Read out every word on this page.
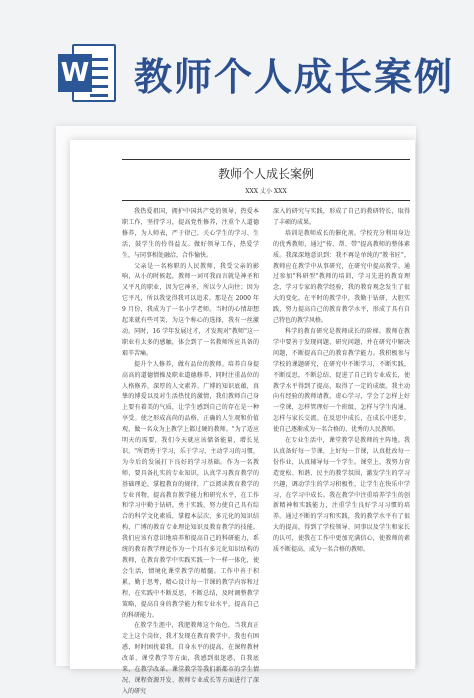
W 教师个人成长案例
教师个人成长案例
XXX 丈小 XXX

我热爱祖国，拥护中国共产党的领导，热爱本职工作，坚持学习，提高党性修养，注重个人道德修养，为人师表，严于律己，关心学生的学习、生活，鼓学生的伶得益友。做好领导工作，热爱学生，与同事相处融洽，合作愉快。

父亲是一名称职的人民教师，我受父亲的影响，从小的时候起，教师一词可我而言就是神圣和又平凡的职业，因为它神圣，所以令人向往；因为它平凡，所以我觉得我可以追求。那是在 2000 年 9 月份，我成为了一名小学老师。当时的心情却想起来就有些可笑，为这个称心的选择，我有一丝激动，同时，16 学年发展过才，才发现对"教师"这一职业有太多的感触，体会到了一名教师所应具备的艰辛苦痛。

提升个人修养，做有品位的教师。培养自身提高高的道德情操及职业道德修养，同时注重品位的人格修养，深厚的人文素养、广博的知识底蕴，真挚的博爱以及对生活热忱的激情，我们教师自己身上要有着美的气质，让学生感到自己的存在是一种享受。使之形成高尚的品格，正确的人生观和价值观，做一名众为上教学上都过硬的教师。"为了适应明天的需要，我们今天就应该储备能量，增长见识，"所谓勇于学习，乐于学习，主动学习的习惯，为今后的发展打下良好的学习基础。作为一名教师，要具备扎实的专业知识，认真学习教育教学的基础理论，掌握教育的规律，广泛阅读教育教学的专业刊物，提高教育教学能力和研究水平，在工作和学习中勤于钻研，勇于实践，努力使自己具有综合的科学文化素质，掌握本层次、多元化的知识结构，广博的教育专业理论知识及教育教学的技能。我们应该有意识地培养和提高自己的科研能力，系统的教育教学理论作为一个具有多元化知识结构的教师，在教育教学中实践实践一个一样一体化，使会生活，情境化课堂教学的精髓。工作中善于积累，勤于思考，精心设计每一节课的教学内容和过程，在实践中不断反思，不断总结，及时调整教学策略，提高自身的教学能力和专业水平，提高自己的科研能力。

在教学生涯中，我肥教师这个角色，当我真正走上这个岗位，我才发现在教育教学中，我也有困惑，时时困扰着我。自身水平的提高，在课程教材改革、课堂教学等方面，我感到很迷惑，自我底来，在教学改革、课堂教学等我们新都市的学生情况、课程资源开发、教师专业成长等方面进行了深入的研究

深入的研究与实践，形成了自己的教研特长，取得了丰硕的成果。

培训是教师成长的催化剂。学校充分利用身边的优秀教师，通过"传、帮、带"提高教师的整体素质。我深深地意识到：我不再是单纯的"教书匠"，教师应在教学中从事研究，在研究中提高教学。通过参加"科研型"教师的培训，学习先进的教育理念，学习专家的教学经验，我的教育观念发生了很大的变化。在平时的教学中，我勤于钻研，大胆实践，努力提高自己的教育教学水平，形成了具有自己特色的教学风格。

科学的教育研究是教师成长的阶梯。教师在教学中要善于发现问题、研究问题，并在研究中解决问题，不断提高自己的教育教学能力。我积极参与学校的课题研究，在研究中不断学习，不断实践，不断反思，不断总结，促进了自己的专业成长，使教学水平得到了提高，取得了一定的成绩。我主动向有经验的教师请教，虚心学习，学会了怎样上好一堂课，怎样管理好一个班级，怎样与学生沟通，怎样与家长交流。在反思中成长，在成长中进步，使自己逐渐成为一名合格的、优秀的人民教师。

在专业生活中，课堂教学是教师的主阵地。我认真备好每一节课，上好每一节课，认真批改每一份作业，认真辅导每一个学生。课堂上，我努力营造宽松、和谐、民主的教学氛围，激发学生的学习兴趣，调动学生的学习积极性，让学生在快乐中学习，在学习中成长。我在教学中注重培养学生的创新精神和实践能力，注重学生良好学习习惯的培养。通过不断的学习和实践，我的教学水平有了很大的提高，得到了学校领导、同事以及学生和家长的认可，使我在工作中更加充满信心，使教师的素质不断提高，成为一名合格的教师。
